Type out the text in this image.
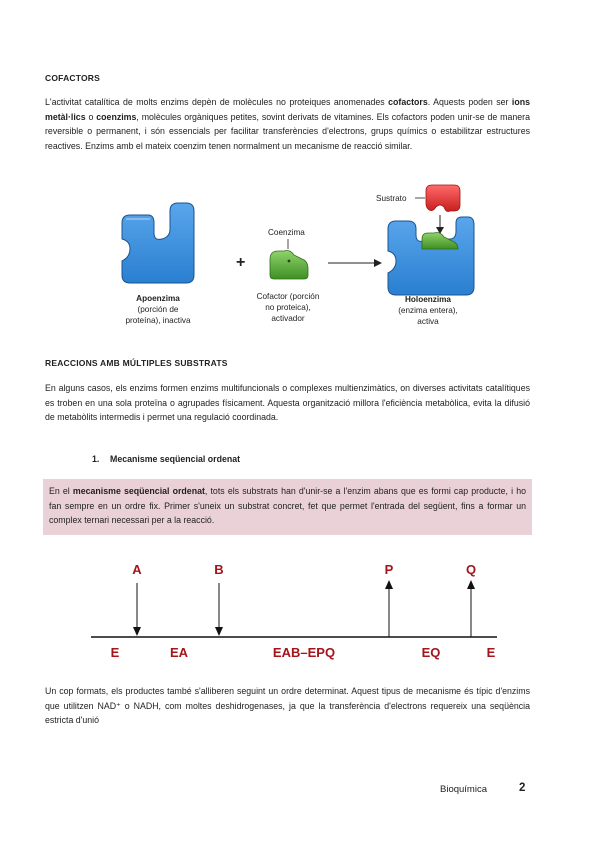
COFACTORS
L'activitat catalítica de molts enzims depèn de molècules no proteiques anomenades cofactors. Aquests poden ser ions metàl·lics o coenzims, molècules orgàniques petites, sovint derivats de vitamines. Els cofactors poden unir-se de manera reversible o permanent, i són essencials per facilitar transferències d'electrons, grups químics o estabilitzar estructures reactives. Enzims amb el mateix coenzim tenen normalment un mecanisme de reacció similar.
+
Coenzima
Sustrato
Apoenzima
(porción de
proteína), inactiva
Cofactor (porción
no proteica),
activador
Holoenzima
(enzima entera),
activa
REACCIONS AMB MÚLTIPLES SUBSTRATS
En alguns casos, els enzims formen enzims multifuncionals o complexes multienzimàtics, on diverses activitats catalítiques es troben en una sola proteïna o agrupades físicament. Aquesta organització millora l'eficiència metabòlica, evita la difusió de metabòlits intermedis i permet una regulació coordinada.
1. Mecanisme seqüencial ordenat
En el mecanisme seqüencial ordenat, tots els substrats han d'unir-se a l'enzim abans que es formi cap producte, i ho fan sempre en un ordre fix. Primer s'uneix un substrat concret, fet que permet l'entrada del següent, fins a formar un complex ternari necessari per a la reacció.
A	B	P	Q
E	EA	EAB–EPQ	EQ	E
Un cop formats, els productes també s'alliberen seguint un ordre determinat. Aquest tipus de mecanisme és típic d'enzims que utilitzen NAD⁺ o NADH, com moltes deshidrogenases, ja que la transferència d'electrons requereix una seqüència estricta d'unió
Bioquímica	2
